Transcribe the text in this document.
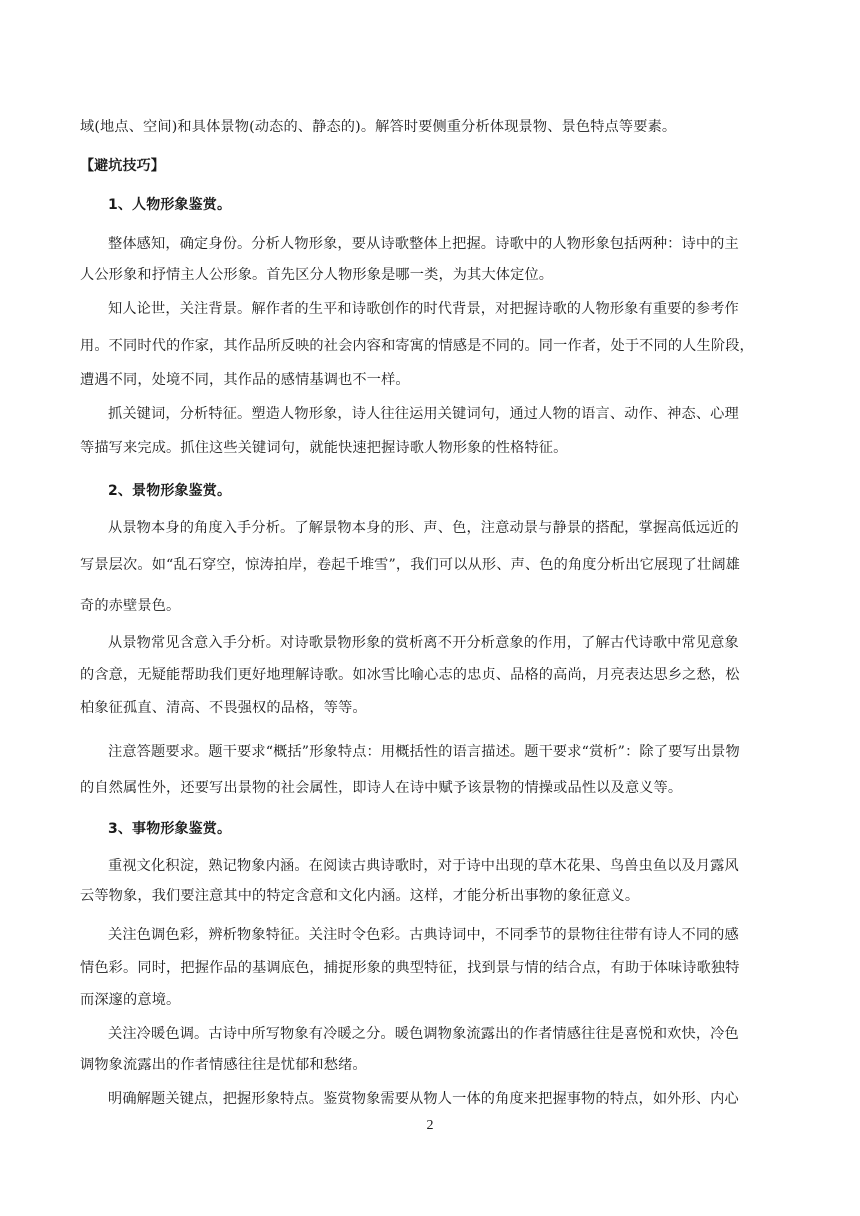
域(地点、空间)和具体景物(动态的、静态的)。解答时要侧重分析体现景物、景色特点等要素。
【避坑技巧】
1、人物形象鉴赏。
整体感知，确定身份。分析人物形象，要从诗歌整体上把握。诗歌中的人物形象包括两种：诗中的主
人公形象和抒情主人公形象。首先区分人物形象是哪一类，为其大体定位。
知人论世，关注背景。解作者的生平和诗歌创作的时代背景，对把握诗歌的人物形象有重要的参考作
用。不同时代的作家，其作品所反映的社会内容和寄寓的情感是不同的。同一作者，处于不同的人生阶段，
遭遇不同，处境不同，其作品的感情基调也不一样。
抓关键词，分析特征。塑造人物形象，诗人往往运用关键词句，通过人物的语言、动作、神态、心理
等描写来完成。抓住这些关键词句，就能快速把握诗歌人物形象的性格特征。
2、景物形象鉴赏。
从景物本身的角度入手分析。了解景物本身的形、声、色，注意动景与静景的搭配，掌握高低远近的
写景层次。如“乱石穿空，惊涛拍岸，卷起千堆雪”，我们可以从形、声、色的角度分析出它展现了壮阔雄
奇的赤壁景色。
从景物常见含意入手分析。对诗歌景物形象的赏析离不开分析意象的作用，了解古代诗歌中常见意象
的含意，无疑能帮助我们更好地理解诗歌。如冰雪比喻心志的忠贞、品格的高尚，月亮表达思乡之愁，松
柏象征孤直、清高、不畏强权的品格，等等。
注意答题要求。题干要求“概括”形象特点：用概括性的语言描述。题干要求“赏析”：除了要写出景物
的自然属性外，还要写出景物的社会属性，即诗人在诗中赋予该景物的情操或品性以及意义等。
3、事物形象鉴赏。
重视文化积淀，熟记物象内涵。在阅读古典诗歌时，对于诗中出现的草木花果、鸟兽虫鱼以及月露风
云等物象，我们要注意其中的特定含意和文化内涵。这样，才能分析出事物的象征意义。
关注色调色彩，辨析物象特征。关注时令色彩。古典诗词中，不同季节的景物往往带有诗人不同的感
情色彩。同时，把握作品的基调底色，捕捉形象的典型特征，找到景与情的结合点，有助于体味诗歌独特
而深邃的意境。
关注冷暖色调。古诗中所写物象有冷暖之分。暖色调物象流露出的作者情感往往是喜悦和欢快，冷色
调物象流露出的作者情感往往是忧郁和愁绪。
明确解题关键点，把握形象特点。鉴赏物象需要从物人一体的角度来把握事物的特点，如外形、内心
2
